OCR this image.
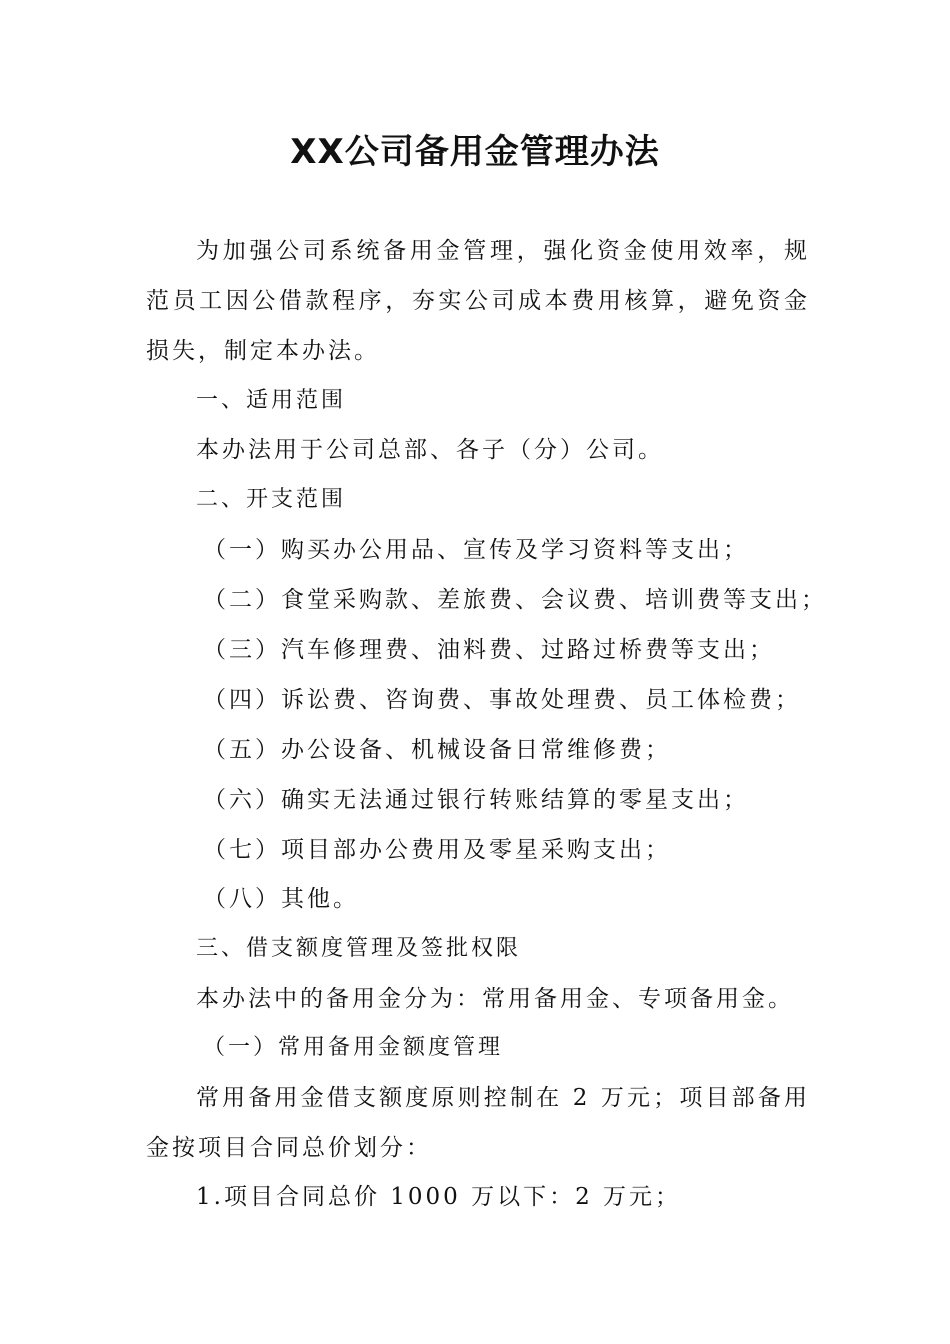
XX公司备用金管理办法

为加强公司系统备用金管理，强化资金使用效率，规范员工因公借款程序，夯实公司成本费用核算，避免资金损失，制定本办法。

一、适用范围
本办法用于公司总部、各子（分）公司。
二、开支范围
（一）购买办公用品、宣传及学习资料等支出；
（二）食堂采购款、差旅费、会议费、培训费等支出；
（三）汽车修理费、油料费、过路过桥费等支出；
（四）诉讼费、咨询费、事故处理费、员工体检费；
（五）办公设备、机械设备日常维修费；
（六）确实无法通过银行转账结算的零星支出；
（七）项目部办公费用及零星采购支出；
（八）其他。
三、借支额度管理及签批权限
本办法中的备用金分为：常用备用金、专项备用金。
（一）常用备用金额度管理

常用备用金借支额度原则控制在 2 万元；项目部备用金按项目合同总价划分：

1.项目合同总价 1000 万以下：2 万元；
